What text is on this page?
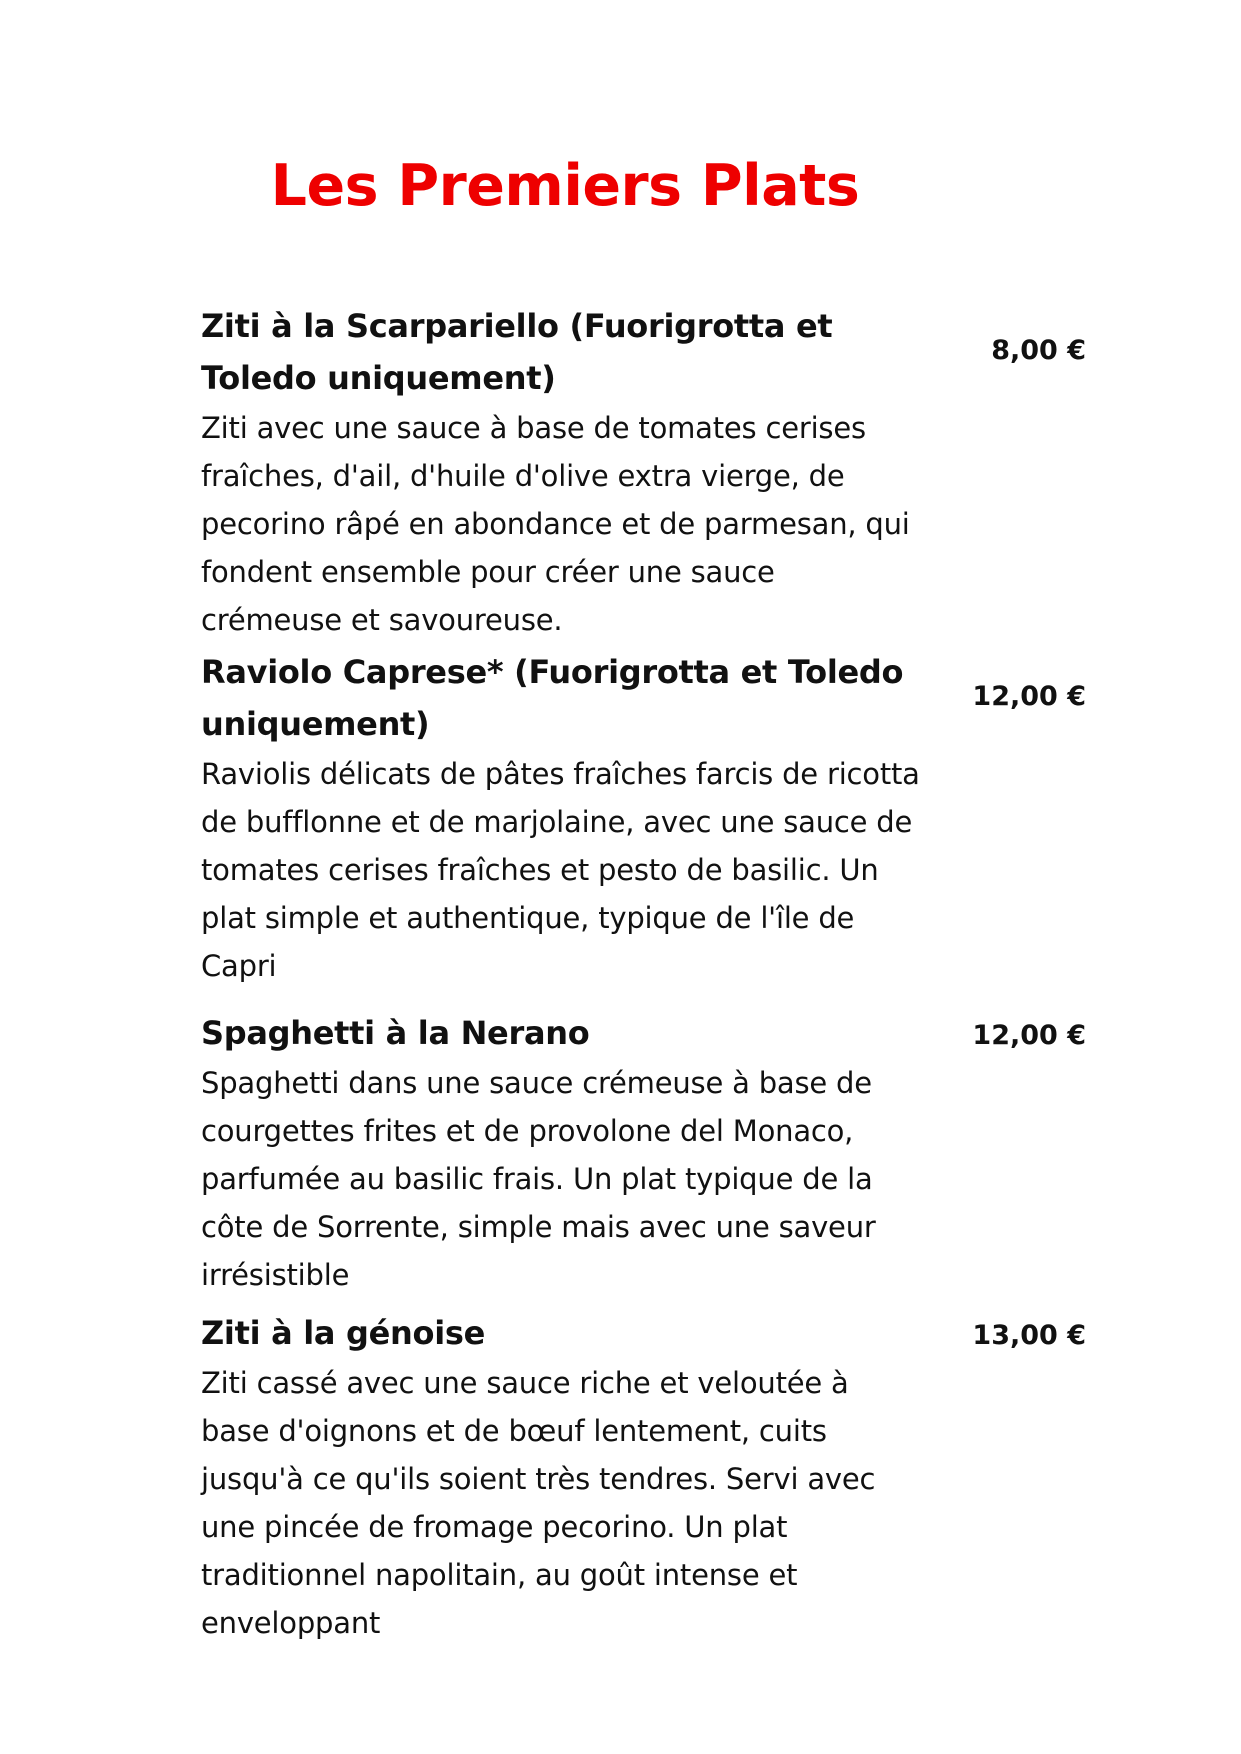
Les Premiers Plats
Ziti à la Scarpariello (Fuorigrotta et Toledo uniquement)
Ziti avec une sauce à base de tomates cerises fraîches, d'ail, d'huile d'olive extra vierge, de pecorino râpé en abondance et de parmesan, qui fondent ensemble pour créer une sauce crémeuse et savoureuse.
8,00 €
Raviolo Caprese* (Fuorigrotta et Toledo uniquement)
Raviolis délicats de pâtes fraîches farcis de ricotta de bufflonne et de marjolaine, avec une sauce de tomates cerises fraîches et pesto de basilic. Un plat simple et authentique, typique de l'île de Capri
12,00 €
Spaghetti à la Nerano
Spaghetti dans une sauce crémeuse à base de courgettes frites et de provolone del Monaco, parfumée au basilic frais. Un plat typique de la côte de Sorrente, simple mais avec une saveur irrésistible
12,00 €
Ziti à la génoise
Ziti cassé avec une sauce riche et veloutée à base d'oignons et de bœuf lentement, cuits jusqu'à ce qu'ils soient très tendres. Servi avec une pincée de fromage pecorino. Un plat traditionnel napolitain, au goût intense et enveloppant
13,00 €
